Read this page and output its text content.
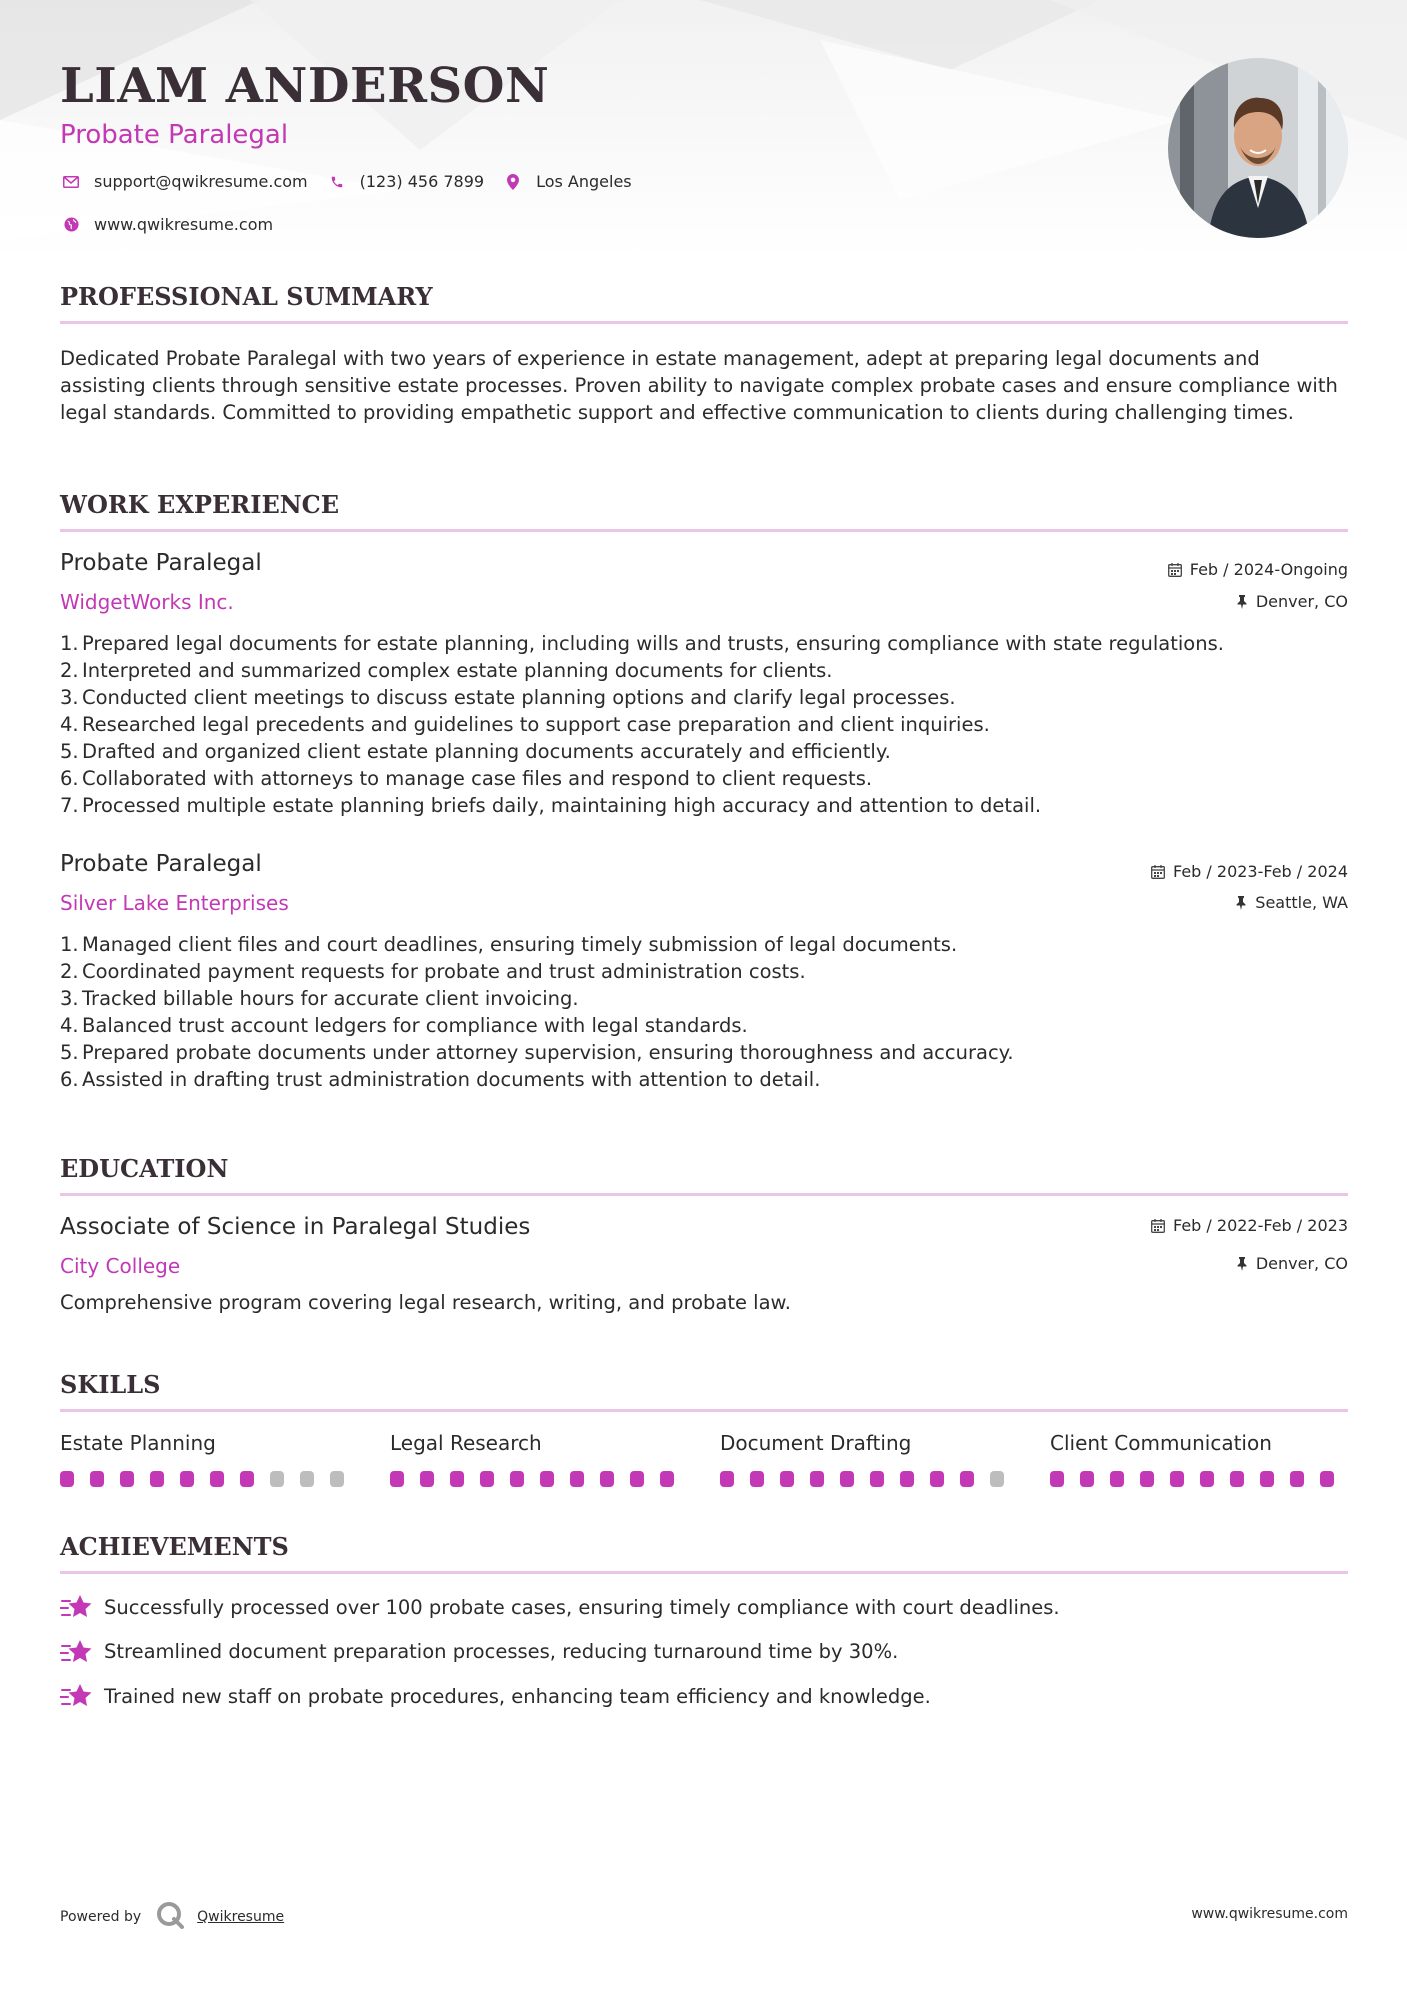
LIAM ANDERSON
Probate Paralegal
support@qwikresume.com	(123) 456 7899	Los Angeles
www.qwikresume.com
PROFESSIONAL SUMMARY

Dedicated Probate Paralegal with two years of experience in estate management, adept at preparing legal documents and assisting clients through sensitive estate processes. Proven ability to navigate complex probate cases and ensure compliance with legal standards. Committed to providing empathetic support and effective communication to clients during challenging times.

WORK EXPERIENCE
Probate Paralegal
WidgetWorks Inc.
Feb / 2024-Ongoing
Denver, CO
1. Prepared legal documents for estate planning, including wills and trusts, ensuring compliance with state regulations.
2. Interpreted and summarized complex estate planning documents for clients.
3. Conducted client meetings to discuss estate planning options and clarify legal processes.
4. Researched legal precedents and guidelines to support case preparation and client inquiries.
5. Drafted and organized client estate planning documents accurately and efficiently.
6. Collaborated with attorneys to manage case files and respond to client requests.
7. Processed multiple estate planning briefs daily, maintaining high accuracy and attention to detail.
Probate Paralegal
Silver Lake Enterprises
Feb / 2023-Feb / 2024
Seattle, WA
1. Managed client files and court deadlines, ensuring timely submission of legal documents.
2. Coordinated payment requests for probate and trust administration costs.
3. Tracked billable hours for accurate client invoicing.
4. Balanced trust account ledgers for compliance with legal standards.
5. Prepared probate documents under attorney supervision, ensuring thoroughness and accuracy.
6. Assisted in drafting trust administration documents with attention to detail.
EDUCATION
Associate of Science in Paralegal Studies
City College
Feb / 2022-Feb / 2023
Denver, CO

Comprehensive program covering legal research, writing, and probate law.

SKILLS
Estate Planning	Legal Research	Document Drafting	Client Communication
ACHIEVEMENTS
Successfully processed over 100 probate cases, ensuring timely compliance with court deadlines.
Streamlined document preparation processes, reducing turnaround time by 30%.
Trained new staff on probate procedures, enhancing team efficiency and knowledge.
Powered by	Qwikresume	www.qwikresume.com
